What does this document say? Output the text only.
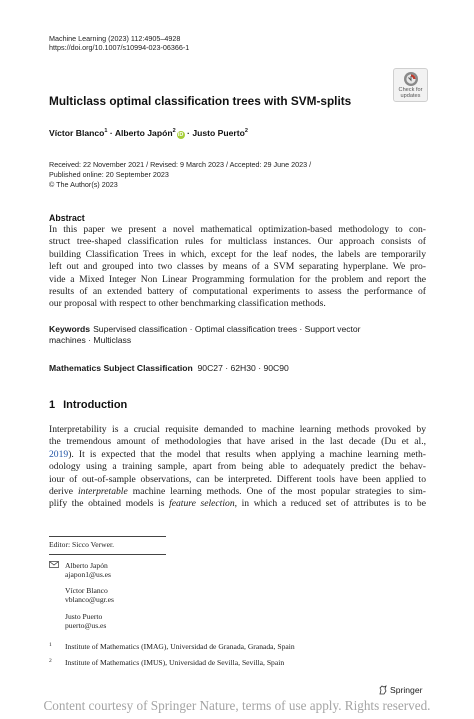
Machine Learning (2023) 112:4905–4928
https://doi.org/10.1007/s10994-023-06366-1
Check for
updates
Multiclass optimal classification trees with SVM-splits
Víctor Blanco$^1$ · Alberto Japón$^2$iD · Justo Puerto$^2$
Received: 22 November 2021 / Revised: 9 March 2023 / Accepted: 29 June 2023 /
Published online: 20 September 2023
© The Author(s) 2023
Abstract
In this paper we present a novel mathematical optimization-based methodology to con-
struct tree-shaped classification rules for multiclass instances. Our approach consists of
building Classification Trees in which, except for the leaf nodes, the labels are temporarily
left out and grouped into two classes by means of a SVM separating hyperplane. We pro-
vide a Mixed Integer Non Linear Programming formulation for the problem and report the
results of an extended battery of computational experiments to assess the performance of
our proposal with respect to other benchmarking classification methods.
Keywords Supervised classification · Optimal classification trees · Support vector
machines · Multiclass
Mathematics Subject Classification 90C27 · 62H30 · 90C90
1 Introduction
Interpretability is a crucial requisite demanded to machine learning methods provoked by
the tremendous amount of methodologies that have arised in the last decade (Du et al.,
2019). It is expected that the model that results when applying a machine learning meth-
odology using a training sample, apart from being able to adequately predict the behav-
iour of out-of-sample observations, can be interpreted. Different tools have been applied to
derive interpretable machine learning methods. One of the most popular strategies to sim-
plify the obtained models is feature selection, in which a reduced set of attributes is to be
Editor: Sicco Verwer.
Alberto Japón
ajapon1@us.es
Víctor Blanco
vblanco@ugr.es
Justo Puerto
puerto@us.es
1 Institute of Mathematics (IMAG), Universidad de Granada, Granada, Spain
2 Institute of Mathematics (IMUS), Universidad de Sevilla, Sevilla, Spain
Springer
Content courtesy of Springer Nature, terms of use apply. Rights reserved.
